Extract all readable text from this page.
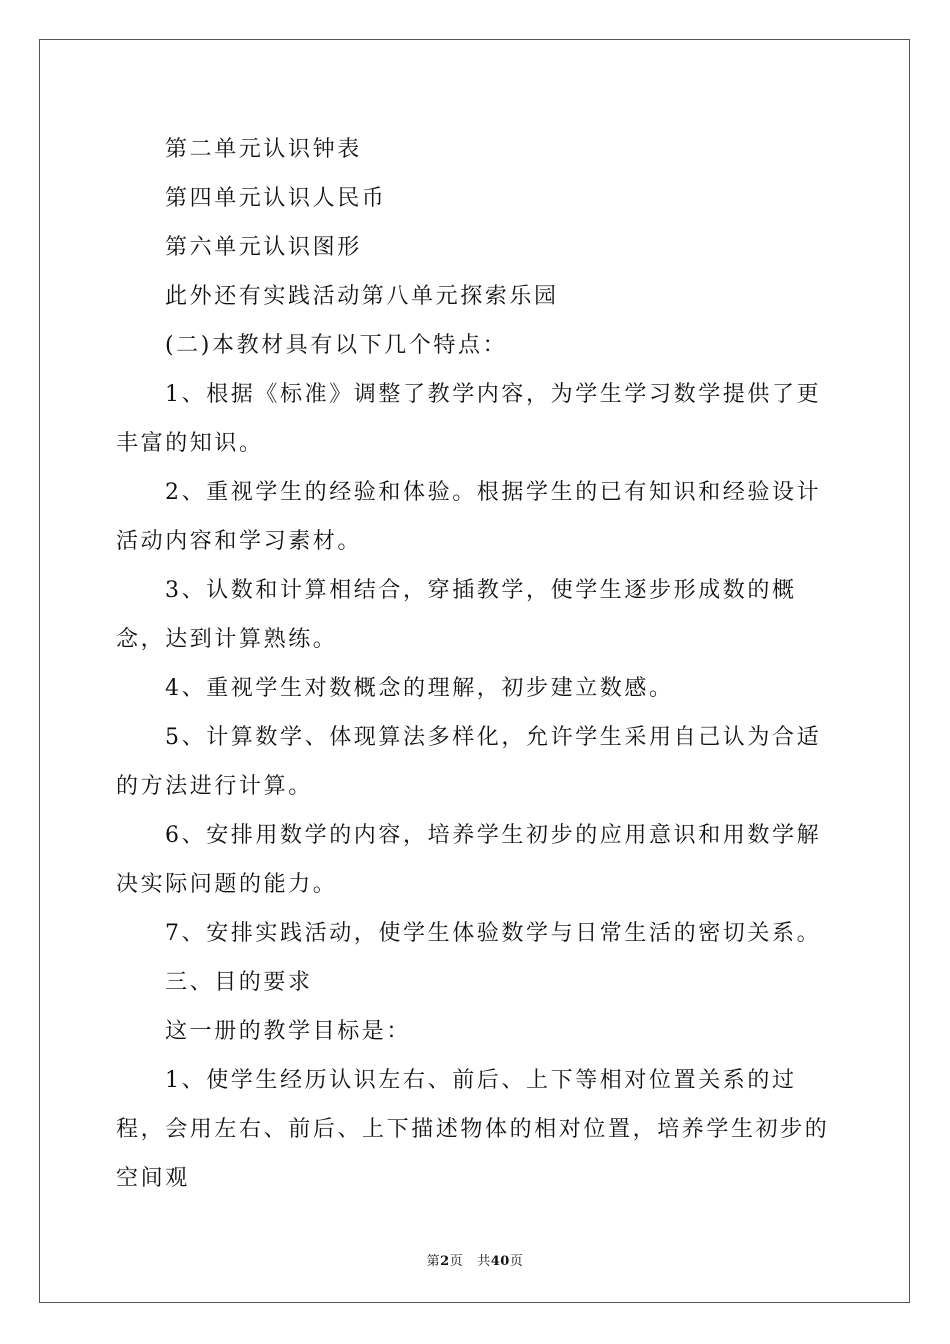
第二单元认识钟表

第四单元认识人民币

第六单元认识图形

此外还有实践活动第八单元探索乐园

(二)本教材具有以下几个特点：

1、根据《标准》调整了教学内容，为学生学习数学提供了更丰富的知识。

2、重视学生的经验和体验。根据学生的已有知识和经验设计活动内容和学习素材。

3、认数和计算相结合，穿插教学，使学生逐步形成数的概念，达到计算熟练。

4、重视学生对数概念的理解，初步建立数感。

5、计算数学、体现算法多样化，允许学生采用自己认为合适的方法进行计算。

6、安排用数学的内容，培养学生初步的应用意识和用数学解决实际问题的能力。

7、安排实践活动，使学生体验数学与日常生活的密切关系。

三、目的要求

这一册的教学目标是：

1、使学生经历认识左右、前后、上下等相对位置关系的过程，会用左右、前后、上下描述物体的相对位置，培养学生初步的空间观

第2页 共40页
